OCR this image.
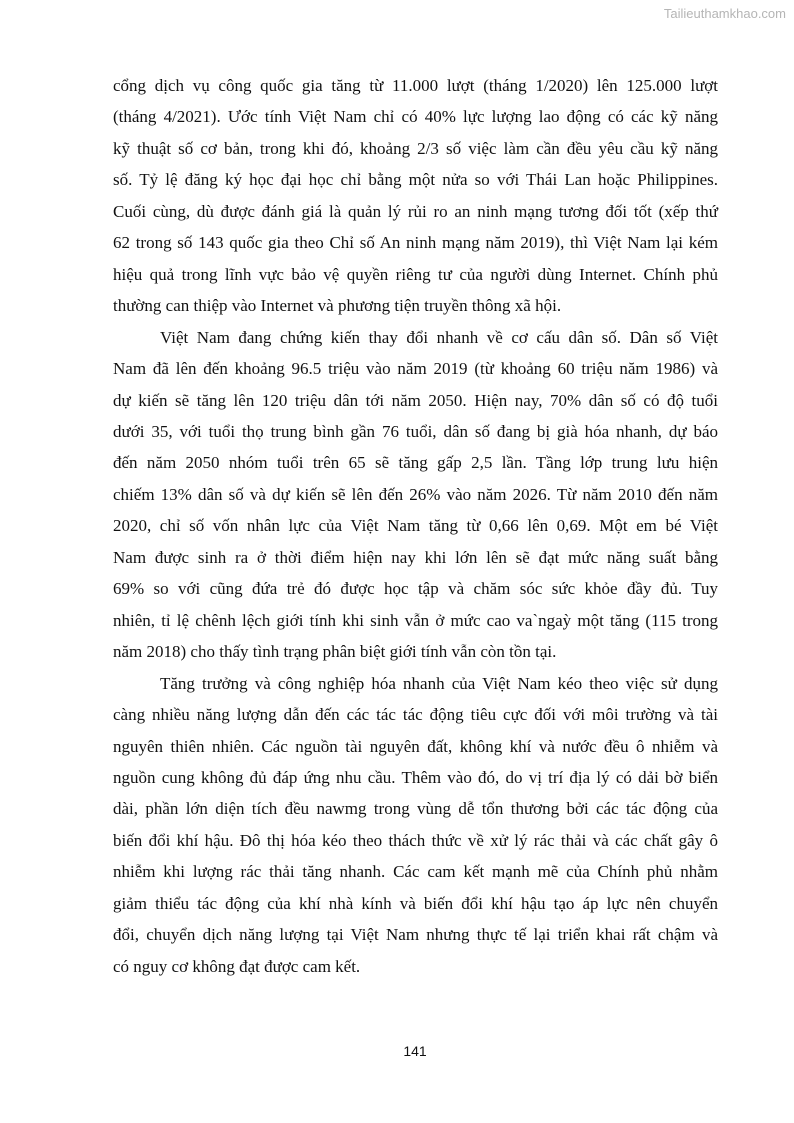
Tailieuthamkhao.com
cổng dịch vụ công quốc gia tăng từ 11.000 lượt (tháng 1/2020) lên 125.000 lượt
(tháng 4/2021). Ước tính Việt Nam chỉ có 40% lực lượng lao động có các kỹ năng
kỹ thuật số cơ bản, trong khi đó, khoảng 2/3 số việc làm cần đều yêu cầu kỹ năng
số. Tỷ lệ đăng ký học đại học chỉ bằng một nửa so với Thái Lan hoặc Philippines.
Cuối cùng, dù được đánh giá là quản lý rủi ro an ninh mạng tương đối tốt (xếp thứ
62 trong số 143 quốc gia theo Chỉ số An ninh mạng năm 2019), thì Việt Nam lại kém
hiệu quả trong lĩnh vực bảo vệ quyền riêng tư của người dùng Internet. Chính phủ
thường can thiệp vào Internet và phương tiện truyền thông xã hội.
Việt Nam đang chứng kiến thay đổi nhanh về cơ cấu dân số. Dân số Việt
Nam đã lên đến khoảng 96.5 triệu vào năm 2019 (từ khoảng 60 triệu năm 1986) và
dự kiến sẽ tăng lên 120 triệu dân tới năm 2050. Hiện nay, 70% dân số có độ tuổi
dưới 35, với tuổi thọ trung bình gần 76 tuổi, dân số đang bị già hóa nhanh, dự báo
đến năm 2050 nhóm tuổi trên 65 sẽ tăng gấp 2,5 lần. Tầng lớp trung lưu hiện
chiếm 13% dân số và dự kiến sẽ lên đến 26% vào năm 2026. Từ năm 2010 đến năm
2020, chỉ số vốn nhân lực của Việt Nam tăng từ 0,66 lên 0,69. Một em bé Việt
Nam được sinh ra ở thời điểm hiện nay khi lớn lên sẽ đạt mức năng suất bằng
69% so với cũng đứa trẻ đó được học tập và chăm sóc sức khỏe đầy đủ. Tuy
nhiên, tỉ lệ chênh lệch giới tính khi sinh vẫn ở mức cao va`ngaỳ một tăng (115 trong
năm 2018) cho thấy tình trạng phân biệt giới tính vẫn còn tồn tại.
Tăng trưởng và công nghiệp hóa nhanh của Việt Nam kéo theo việc sử dụng
càng nhiều năng lượng dẫn đến các tác tác động tiêu cực đối với môi trường và tài
nguyên thiên nhiên. Các nguồn tài nguyên đất, không khí và nước đều ô nhiễm và
nguồn cung không đủ đáp ứng nhu cầu. Thêm vào đó, do vị trí địa lý có dải bờ biển
dài, phần lớn diện tích đều nawmg trong vùng dễ tổn thương bởi các tác động của
biến đổi khí hậu. Đô thị hóa kéo theo thách thức về xử lý rác thải và các chất gây ô
nhiễm khi lượng rác thải tăng nhanh. Các cam kết mạnh mẽ của Chính phủ nhằm
giảm thiểu tác động của khí nhà kính và biến đổi khí hậu tạo áp lực nên chuyển
đổi, chuyển dịch năng lượng tại Việt Nam nhưng thực tế lại triển khai rất chậm và
có nguy cơ không đạt được cam kết.
141
